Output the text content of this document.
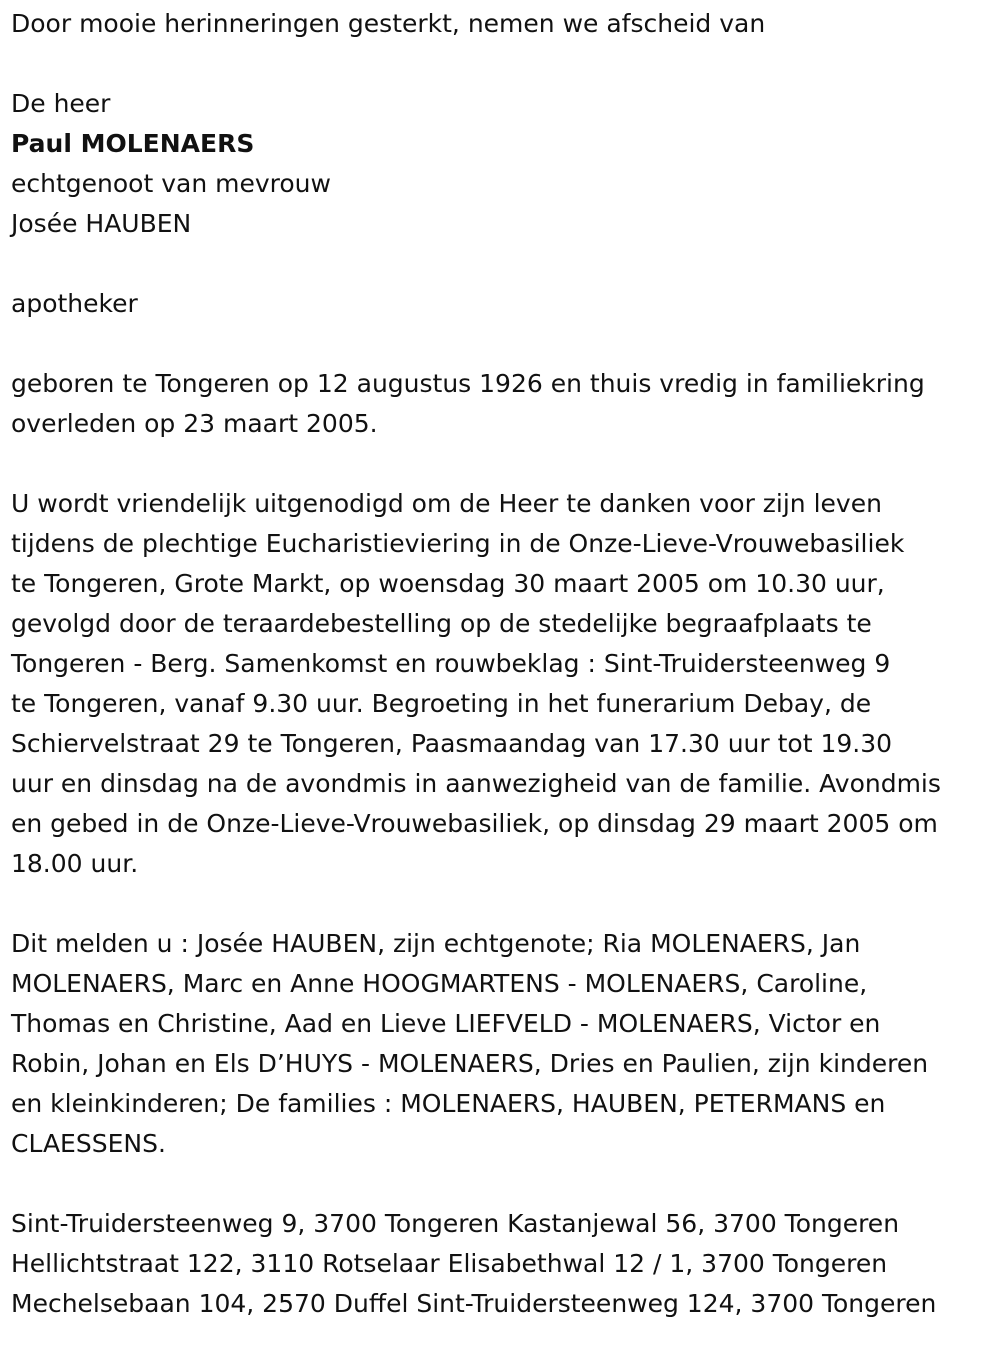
Door mooie herinneringen gesterkt, nemen we afscheid van
De heer
Paul MOLENAERS
echtgenoot van mevrouw
Josée HAUBEN
apotheker
geboren te Tongeren op 12 augustus 1926 en thuis vredig in familiekring
overleden op 23 maart 2005.
U wordt vriendelijk uitgenodigd om de Heer te danken voor zijn leven
tijdens de plechtige Eucharistieviering in de Onze-Lieve-Vrouwebasiliek
te Tongeren, Grote Markt, op woensdag 30 maart 2005 om 10.30 uur,
gevolgd door de teraardebestelling op de stedelijke begraafplaats te
Tongeren - Berg. Samenkomst en rouwbeklag : Sint-Truidersteenweg 9
te Tongeren, vanaf 9.30 uur. Begroeting in het funerarium Debay, de
Schiervelstraat 29 te Tongeren, Paasmaandag van 17.30 uur tot 19.30
uur en dinsdag na de avondmis in aanwezigheid van de familie. Avondmis
en gebed in de Onze-Lieve-Vrouwebasiliek, op dinsdag 29 maart 2005 om
18.00 uur.
Dit melden u : Josée HAUBEN, zijn echtgenote; Ria MOLENAERS, Jan
MOLENAERS, Marc en Anne HOOGMARTENS - MOLENAERS, Caroline,
Thomas en Christine, Aad en Lieve LIEFVELD - MOLENAERS, Victor en
Robin, Johan en Els D’HUYS - MOLENAERS, Dries en Paulien, zijn kinderen
en kleinkinderen; De families : MOLENAERS, HAUBEN, PETERMANS en
CLAESSENS.
Sint-Truidersteenweg 9, 3700 Tongeren Kastanjewal 56, 3700 Tongeren
Hellichtstraat 122, 3110 Rotselaar Elisabethwal 12 / 1, 3700 Tongeren
Mechelsebaan 104, 2570 Duffel Sint-Truidersteenweg 124, 3700 Tongeren
